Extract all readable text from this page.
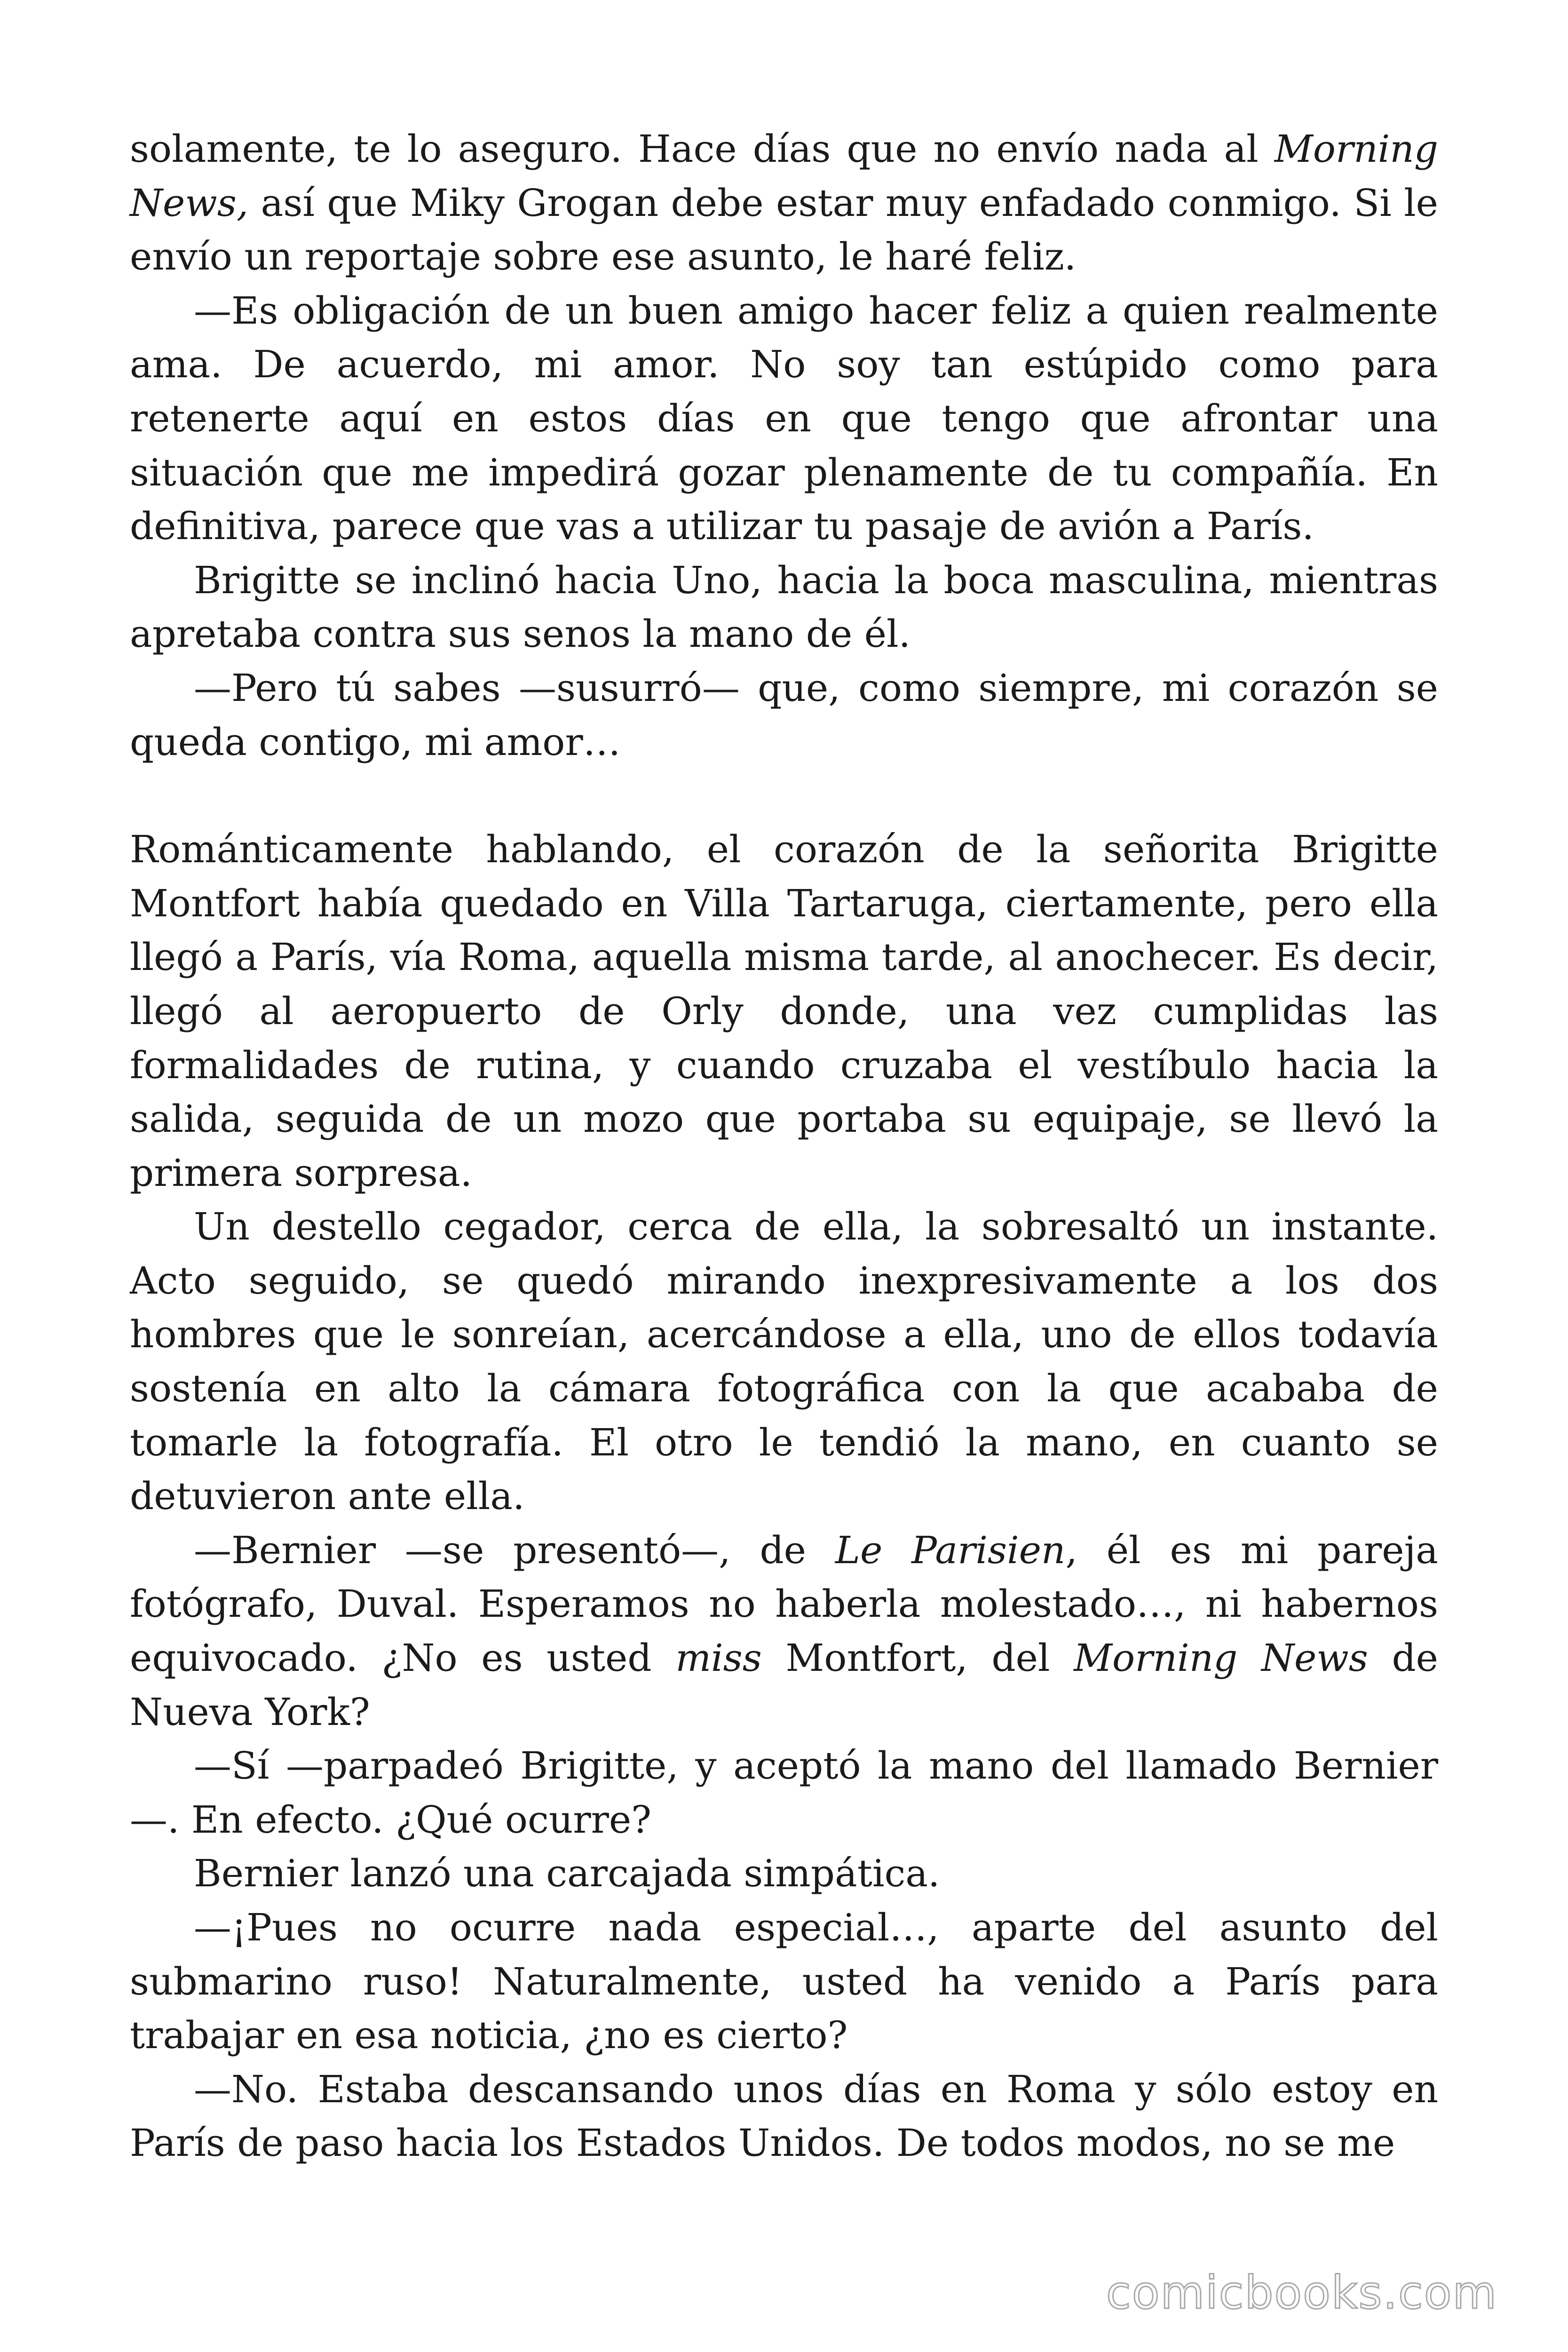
solamente, te lo aseguro. Hace días que no envío nada al Morning News, así que Miky Grogan debe estar muy enfadado conmigo. Si le envío un reportaje sobre ese asunto, le haré feliz.

—Es obligación de un buen amigo hacer feliz a quien realmente ama. De acuerdo, mi amor. No soy tan estúpido como para retenerte aquí en estos días en que tengo que afrontar una situación que me impedirá gozar plenamente de tu compañía. En definitiva, parece que vas a utilizar tu pasaje de avión a París.

Brigitte se inclinó hacia Uno, hacia la boca masculina, mientras apretaba contra sus senos la mano de él.

—Pero tú sabes —susurró— que, como siempre, mi corazón se queda contigo, mi amor…

Románticamente hablando, el corazón de la señorita Brigitte Montfort había quedado en Villa Tartaruga, ciertamente, pero ella llegó a París, vía Roma, aquella misma tarde, al anochecer. Es decir, llegó al aeropuerto de Orly donde, una vez cumplidas las formalidades de rutina, y cuando cruzaba el vestíbulo hacia la salida, seguida de un mozo que portaba su equipaje, se llevó la primera sorpresa.

Un destello cegador, cerca de ella, la sobresaltó un instante. Acto seguido, se quedó mirando inexpresivamente a los dos hombres que le sonreían, acercándose a ella, uno de ellos todavía sostenía en alto la cámara fotográfica con la que acababa de tomarle la fotografía. El otro le tendió la mano, en cuanto se detuvieron ante ella.

—Bernier —se presentó—, de Le Parisien, él es mi pareja fotógrafo, Duval. Esperamos no haberla molestado…, ni habernos equivocado. ¿No es usted miss Montfort, del Morning News de Nueva York?

—Sí —parpadeó Brigitte, y aceptó la mano del llamado Bernier —. En efecto. ¿Qué ocurre?

Bernier lanzó una carcajada simpática.

—¡Pues no ocurre nada especial…, aparte del asunto del submarino ruso! Naturalmente, usted ha venido a París para trabajar en esa noticia, ¿no es cierto?

—No. Estaba descansando unos días en Roma y sólo estoy en París de paso hacia los Estados Unidos. De todos modos, no se me

comicbooks.com
